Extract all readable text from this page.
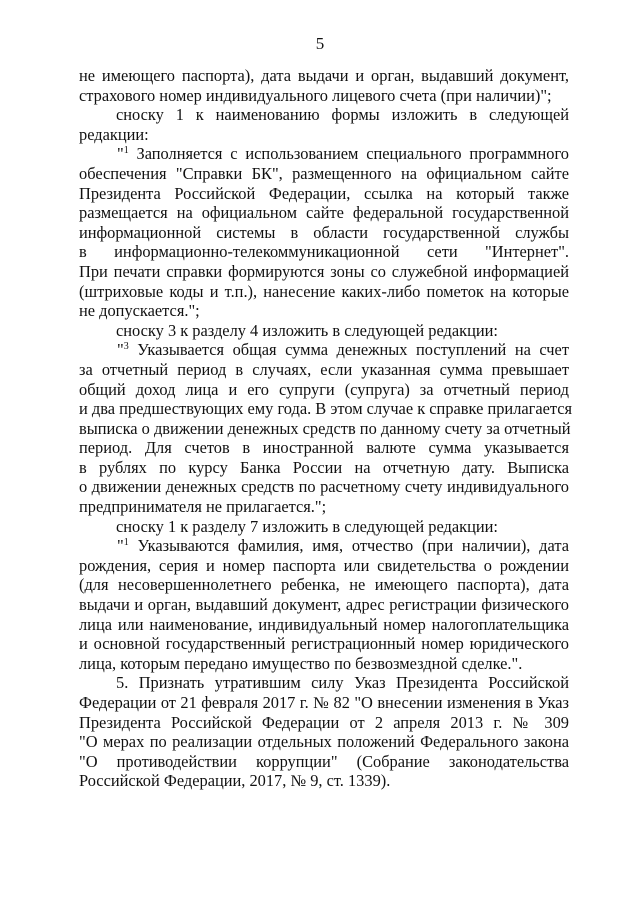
5
не имеющего паспорта), дата выдачи и орган, выдавший документ,
страхового номер индивидуального лицевого счета (при наличии)";
сноску 1 к наименованию формы изложить в следующей
редакции:
"$^1$ Заполняется с использованием специального программного
обеспечения "Справки БК", размещенного на официальном сайте
Президента Российской Федерации, ссылка на который также
размещается на официальном сайте федеральной государственной
информационной системы в области государственной службы
в информационно-телекоммуникационной сети "Интернет".
При печати справки формируются зоны со служебной информацией
(штриховые коды и т.п.), нанесение каких-либо пометок на которые
не допускается.";
сноску 3 к разделу 4 изложить в следующей редакции:
"$^3$ Указывается общая сумма денежных поступлений на счет
за отчетный период в случаях, если указанная сумма превышает
общий доход лица и его супруги (супруга) за отчетный период
и два предшествующих ему года. В этом случае к справке прилагается
выписка о движении денежных средств по данному счету за отчетный
период. Для счетов в иностранной валюте сумма указывается
в рублях по курсу Банка России на отчетную дату. Выписка
о движении денежных средств по расчетному счету индивидуального
предпринимателя не прилагается.";
сноску 1 к разделу 7 изложить в следующей редакции:
"$^1$ Указываются фамилия, имя, отчество (при наличии), дата
рождения, серия и номер паспорта или свидетельства о рождении
(для несовершеннолетнего ребенка, не имеющего паспорта), дата
выдачи и орган, выдавший документ, адрес регистрации физического
лица или наименование, индивидуальный номер налогоплательщика
и основной государственный регистрационный номер юридического
лица, которым передано имущество по безвозмездной сделке.".
5. Признать утратившим силу Указ Президента Российской
Федерации от 21 февраля 2017 г. № 82 "О внесении изменения в Указ
Президента Российской Федерации от 2 апреля 2013 г. № 309
"О мерах по реализации отдельных положений Федерального закона
"О противодействии коррупции" (Собрание законодательства
Российской Федерации, 2017, № 9, ст. 1339).
